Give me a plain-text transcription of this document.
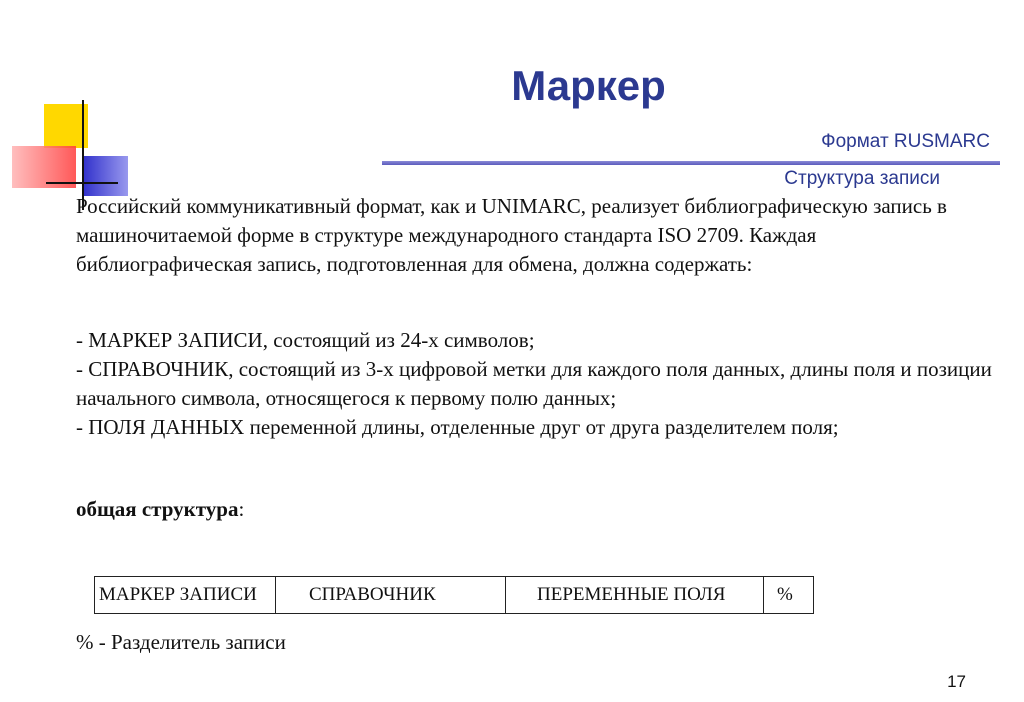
Маркер
Формат RUSMARC
Структура записи
Российский коммуникативный формат, как и UNIMARC, реализует библиографическую запись в машиночитаемой форме в структуре международного стандарта ISO 2709. Каждая библиографическая запись, подготовленная для обмена, должна содержать:
- МАРКЕР ЗАПИСИ, состоящий из 24-х символов;
- СПРАВОЧНИК, состоящий из 3-х цифровой метки для каждого поля данных, длины поля и позиции начального символа, относящегося к первому полю данных;
- ПОЛЯ ДАННЫХ переменной длины, отделенные друг от друга разделителем поля;
общая структура:
МАРКЕР ЗАПИСИ	СПРАВОЧНИК	ПЕРЕМЕННЫЕ ПОЛЯ	%
% - Разделитель записи
17
